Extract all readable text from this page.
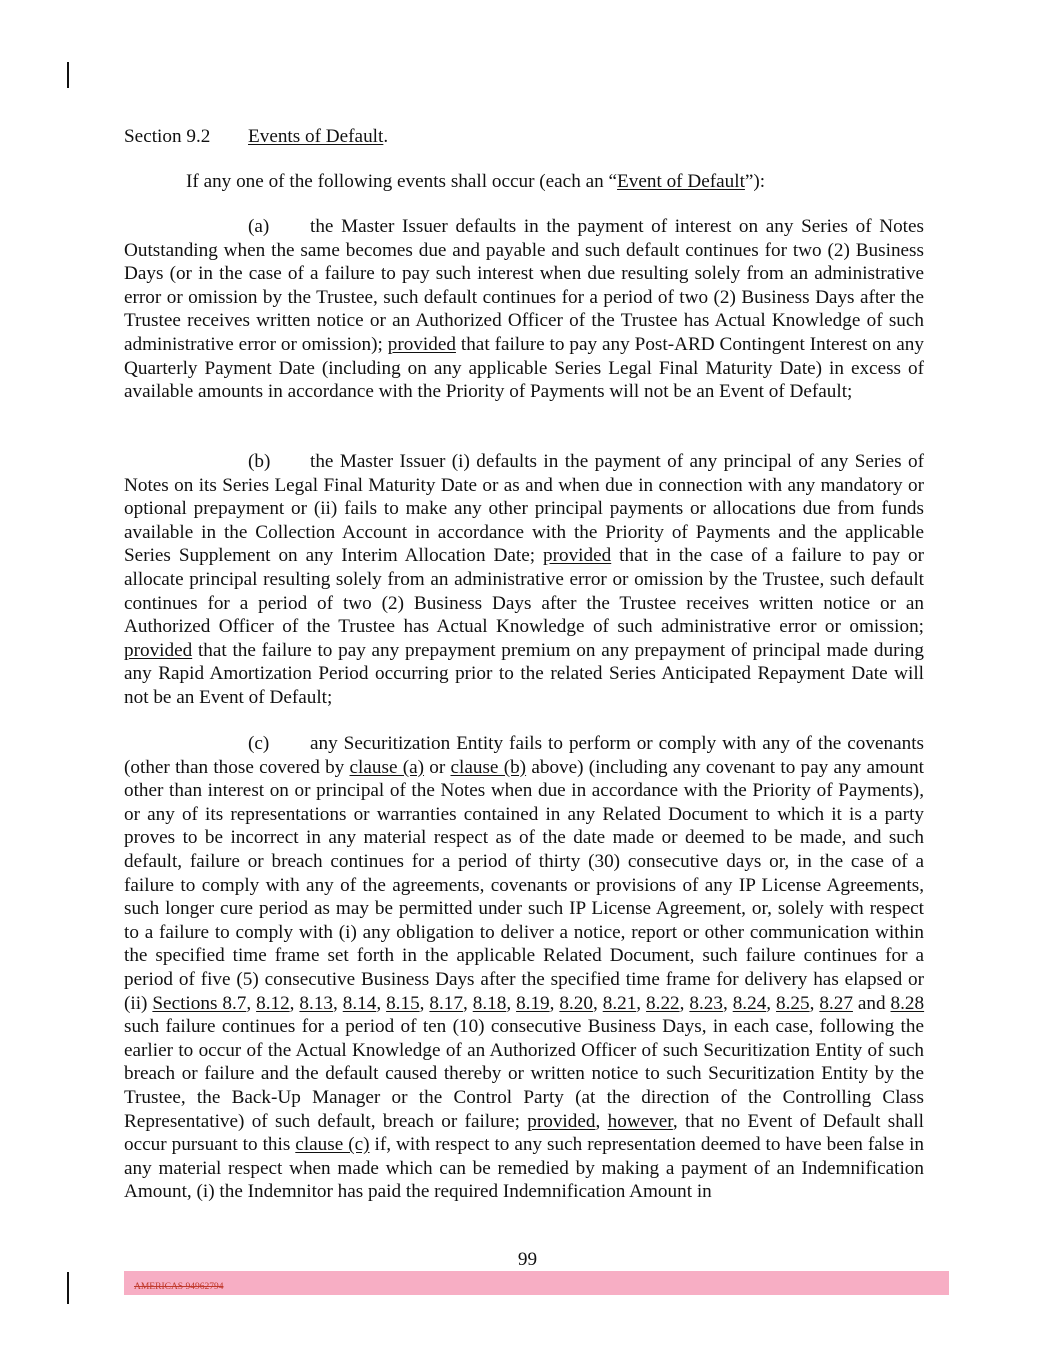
Section 9.2 Events of Default.
If any one of the following events shall occur (each an “Event of Default”):

(a) the Master Issuer defaults in the payment of interest on any Series of Notes Outstanding when the same becomes due and payable and such default continues for two (2) Business Days (or in the case of a failure to pay such interest when due resulting solely from an administrative error or omission by the Trustee, such default continues for a period of two (2) Business Days after the Trustee receives written notice or an Authorized Officer of the Trustee has Actual Knowledge of such administrative error or omission); provided that failure to pay any Post-ARD Contingent Interest on any Quarterly Payment Date (including on any applicable Series Legal Final Maturity Date) in excess of available amounts in accordance with the Priority of Payments will not be an Event of Default;

(b) the Master Issuer (i) defaults in the payment of any principal of any Series of Notes on its Series Legal Final Maturity Date or as and when due in connection with any mandatory or optional prepayment or (ii) fails to make any other principal payments or allocations due from funds available in the Collection Account in accordance with the Priority of Payments and the applicable Series Supplement on any Interim Allocation Date; provided that in the case of a failure to pay or allocate principal resulting solely from an administrative error or omission by the Trustee, such default continues for a period of two (2) Business Days after the Trustee receives written notice or an Authorized Officer of the Trustee has Actual Knowledge of such administrative error or omission; provided that the failure to pay any prepayment premium on any prepayment of principal made during any Rapid Amortization Period occurring prior to the related Series Anticipated Repayment Date will not be an Event of Default;

(c) any Securitization Entity fails to perform or comply with any of the covenants (other than those covered by clause (a) or clause (b) above) (including any covenant to pay any amount other than interest on or principal of the Notes when due in accordance with the Priority of Payments), or any of its representations or warranties contained in any Related Document to which it is a party proves to be incorrect in any material respect as of the date made or deemed to be made, and such default, failure or breach continues for a period of thirty (30) consecutive days or, in the case of a failure to comply with any of the agreements, covenants or provisions of any IP License Agreements, such longer cure period as may be permitted under such IP License Agreement, or, solely with respect to a failure to comply with (i) any obligation to deliver a notice, report or other communication within the specified time frame set forth in the applicable Related Document, such failure continues for a period of five (5) consecutive Business Days after the specified time frame for delivery has elapsed or (ii) Sections 8.7, 8.12, 8.13, 8.14, 8.15, 8.17, 8.18, 8.19, 8.20, 8.21, 8.22, 8.23, 8.24, 8.25, 8.27 and 8.28 such failure continues for a period of ten (10) consecutive Business Days, in each case, following the earlier to occur of the Actual Knowledge of an Authorized Officer of such Securitization Entity of such breach or failure and the default caused thereby or written notice to such Securitization Entity by the Trustee, the Back-Up Manager or the Control Party (at the direction of the Controlling Class Representative) of such default, breach or failure; provided, however, that no Event of Default shall occur pursuant to this clause (c) if, with respect to any such representation deemed to have been false in any material respect when made which can be remedied by making a payment of an Indemnification Amount, (i) the Indemnitor has paid the required Indemnification Amount in

99
AMERICAS 94962794
